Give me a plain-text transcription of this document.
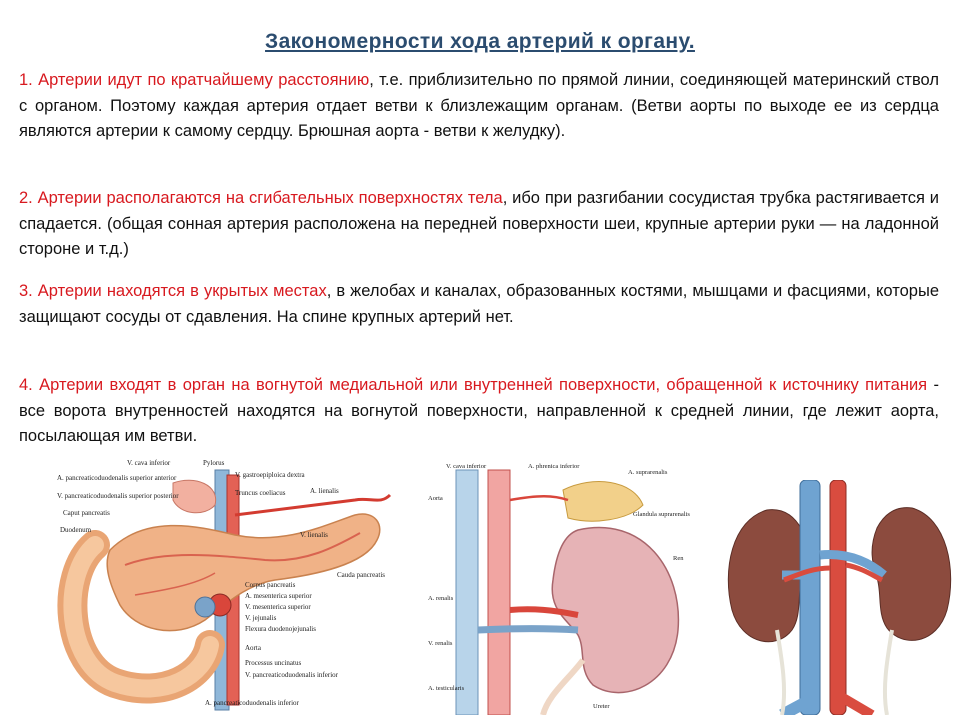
Закономерности хода артерий к органу.

1. Артерии идут по кратчайшему расстоянию, т.е. приблизительно по прямой линии, соединяющей материнский ствол с органом. Поэтому каждая артерия отдает ветви к близлежащим органам. (Ветви аорты по выходе ее из сердца являются артерии к самому сердцу. Брюшная аорта - ветви к желудку).

2. Артерии располагаются на сгибательных поверхностях тела, ибо при разгибании сосудистая трубка растягивается и спадается. (общая сонная артерия расположена на передней поверхности шеи, крупные артерии руки — на ладонной стороне и т.д.)

3. Артерии находятся в укрытых местах, в желобах и каналах, образованных костями, мышцами и фасциями, которые защищают сосуды от сдавления. На спине крупных артерий нет.

4. Артерии входят в орган на вогнутой медиальной или внутренней поверхности, обращенной к источнику питания - все ворота внутренностей находятся на вогнутой поверхности, направленной к средней линии, где лежит аорта, посылающая им ветви.

V. cava inferior	Pylorus
A. pancreaticoduodenalis superior anterior
V. pancreaticoduodenalis superior posterior
Caput pancreatis
Duodenum
V. gastroepiploica dextra
Truncus coeliacus	A. lienalis
V. lienalis
Cauda pancreatis
Corpus pancreatis
A. mesenterica superior
V. mesenterica superior
V. jejunalis
Flexura duodenojejunalis
Aorta
Processus uncinatus
V. pancreaticoduodenalis inferior
A. pancreaticoduodenalis inferior
V. cava inferior	A. phrenica inferior
Aorta
A. suprarenalis
Glandula suprarenalis
A. renalis
V. renalis
Ren
Ureter
A. testicularis
